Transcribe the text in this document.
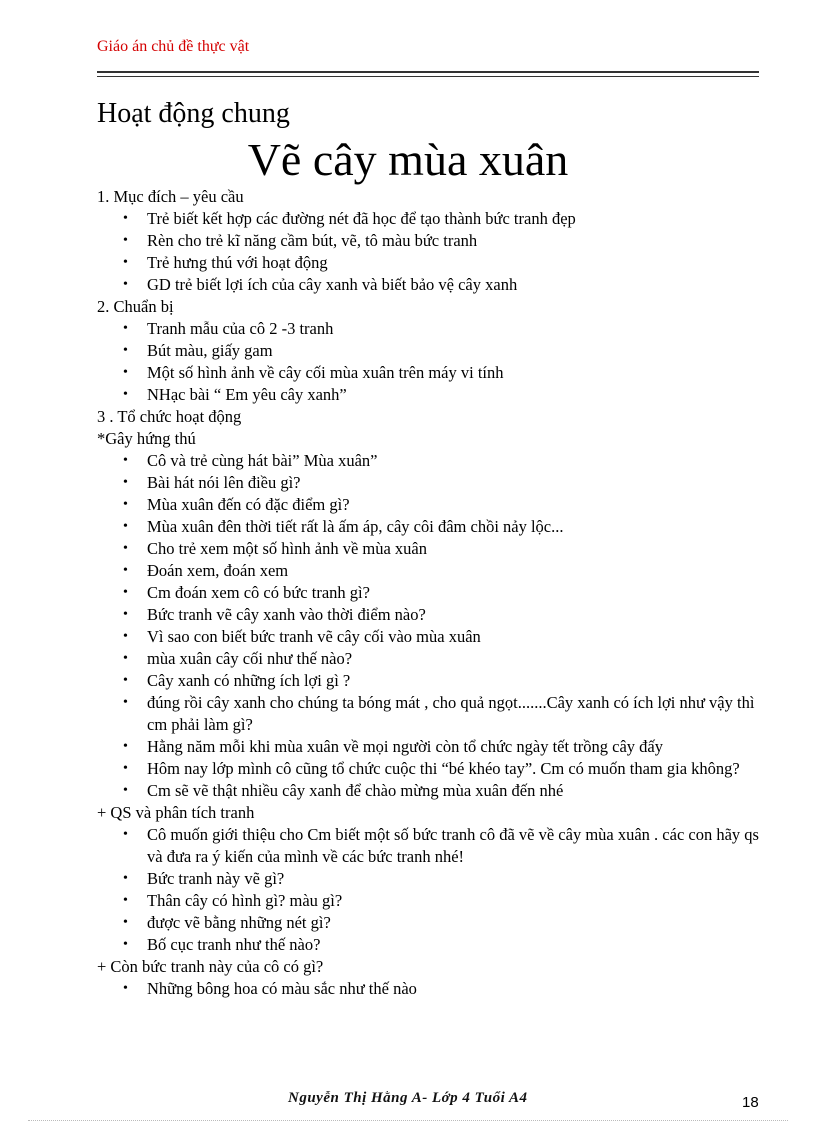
Giáo án chủ đề thực vật
Hoạt động chung
Vẽ cây mùa xuân

1. Mục đích – yêu cầu

• Trẻ biết kết hợp các đường nét đã học để tạo thành bức tranh đẹp
• Rèn cho trẻ kĩ năng cầm bút, vẽ, tô màu bức tranh
• Trẻ hưng thú với hoạt động
• GD trẻ biết lợi ích của cây xanh và biết bảo vệ cây xanh

2. Chuẩn bị

• Tranh mẫu của cô 2 -3 tranh
• Bút màu, giấy gam
• Một số hình ảnh về cây cối mùa xuân trên máy vi tính
• NHạc bài “ Em yêu cây xanh”

3 . Tổ chức hoạt động

*Gây hứng thú

• Cô và trẻ cùng hát bài” Mùa xuân”
• Bài hát nói lên điều gì?
• Mùa xuân đến có đặc điểm gì?
• Mùa xuân đên thời tiết rất là ấm áp, cây côi đâm chồi nảy lộc...
• Cho trẻ xem một số hình ảnh về mùa xuân
• Đoán xem, đoán xem
• Cm đoán xem cô có bức tranh gì?
• Bức tranh vẽ cây xanh vào thời điểm nào?
• Vì sao con biết bức tranh vẽ cây cối vào mùa xuân
• mùa xuân cây cối như thế nào?
• Cây xanh có những ích lợi gì ?
• đúng rồi cây xanh cho chúng ta bóng mát , cho quả ngọt.......Cây xanh có ích lợi như vậy thì cm phải làm gì?
• Hằng năm mỗi khi mùa xuân về mọi người còn tổ chức ngày tết trồng cây đấy
• Hôm nay lớp mình cô cũng tổ chức cuộc thi “bé khéo tay”. Cm có muốn tham gia không?
• Cm sẽ vẽ thật nhiều cây xanh để chào mừng mùa xuân đến nhé

+ QS và phân tích tranh

• Cô muốn giới thiệu cho Cm biết một số bức tranh cô đã vẽ về cây mùa xuân . các con hãy qs và đưa ra ý kiến của mình về các bức tranh nhé!
• Bức tranh này vẽ gì?
• Thân cây có hình gì? màu gì?
• được vẽ bằng những nét gì?
• Bố cục tranh như thế nào?

+ Còn bức tranh này của cô có gì?

• Những bông hoa có màu sắc như thế nào
Nguyễn Thị Hằng A- Lớp 4 Tuổi A4	18
